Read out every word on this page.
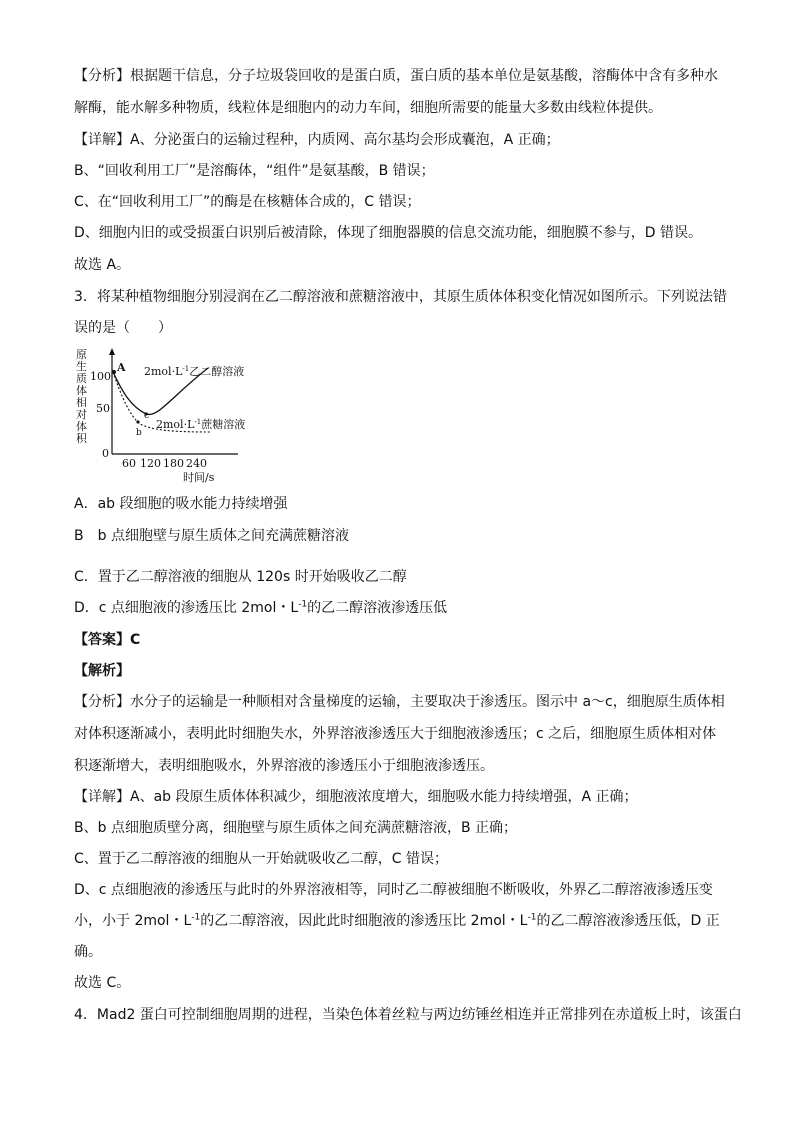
【分析】根据题干信息，分子垃圾袋回收的是蛋白质，蛋白质的基本单位是氨基酸，溶酶体中含有多种水
解酶，能水解多种物质，线粒体是细胞内的动力车间，细胞所需要的能量大多数由线粒体提供。
【详解】A、分泌蛋白的运输过程种，内质网、高尔基均会形成囊泡，A 正确；
B、“回收利用工厂”是溶酶体，“组件”是氨基酸，B 错误；
C、在“回收利用工厂”的酶是在核糖体合成的，C 错误；
D、细胞内旧的或受损蛋白识别后被清除，体现了细胞器膜的信息交流功能，细胞膜不参与，D 错误。
故选 A。
3．将某种植物细胞分别浸润在乙二醇溶液和蔗糖溶液中，其原生质体体积变化情况如图所示。下列说法错
误的是（　　）
原
生
质
体
相
对
体
积
100
50
0
60 120 180 240
时间/s
A
b
c
$2mol\cdot L^{-1}$乙二醇溶液
$2mol\cdot L^{-1}$蔗糖溶液
A．ab 段细胞的吸水能力持续增强
B　b 点细胞壁与原生质体之间充满蔗糖溶液
C．置于乙二醇溶液的细胞从 120s 时开始吸收乙二醇
D．c 点细胞液的渗透压比 2mol・$L^{-1}$的乙二醇溶液渗透压低
【答案】C
【解析】
【分析】水分子的运输是一种顺相对含量梯度的运输，主要取决于渗透压。图示中 a～c，细胞原生质体相
对体积逐渐减小，表明此时细胞失水，外界溶液渗透压大于细胞液渗透压；c 之后，细胞原生质体相对体
积逐渐增大，表明细胞吸水，外界溶液的渗透压小于细胞液渗透压。
【详解】A、ab 段原生质体体积减少，细胞液浓度增大，细胞吸水能力持续增强，A 正确；
B、b 点细胞质壁分离，细胞壁与原生质体之间充满蔗糖溶液，B 正确；
C、置于乙二醇溶液的细胞从一开始就吸收乙二醇，C 错误；
D、c 点细胞液的渗透压与此时的外界溶液相等，同时乙二醇被细胞不断吸收，外界乙二醇溶液渗透压变
小，小于 2mol・$L^{-1}$的乙二醇溶液，因此此时细胞液的渗透压比 2mol・$L^{-1}$的乙二醇溶液渗透压低，D 正
确。
故选 C。
4．Mad2 蛋白可控制细胞周期的进程，当染色体着丝粒与两边纺锤丝相连并正常排列在赤道板上时，该蛋白
